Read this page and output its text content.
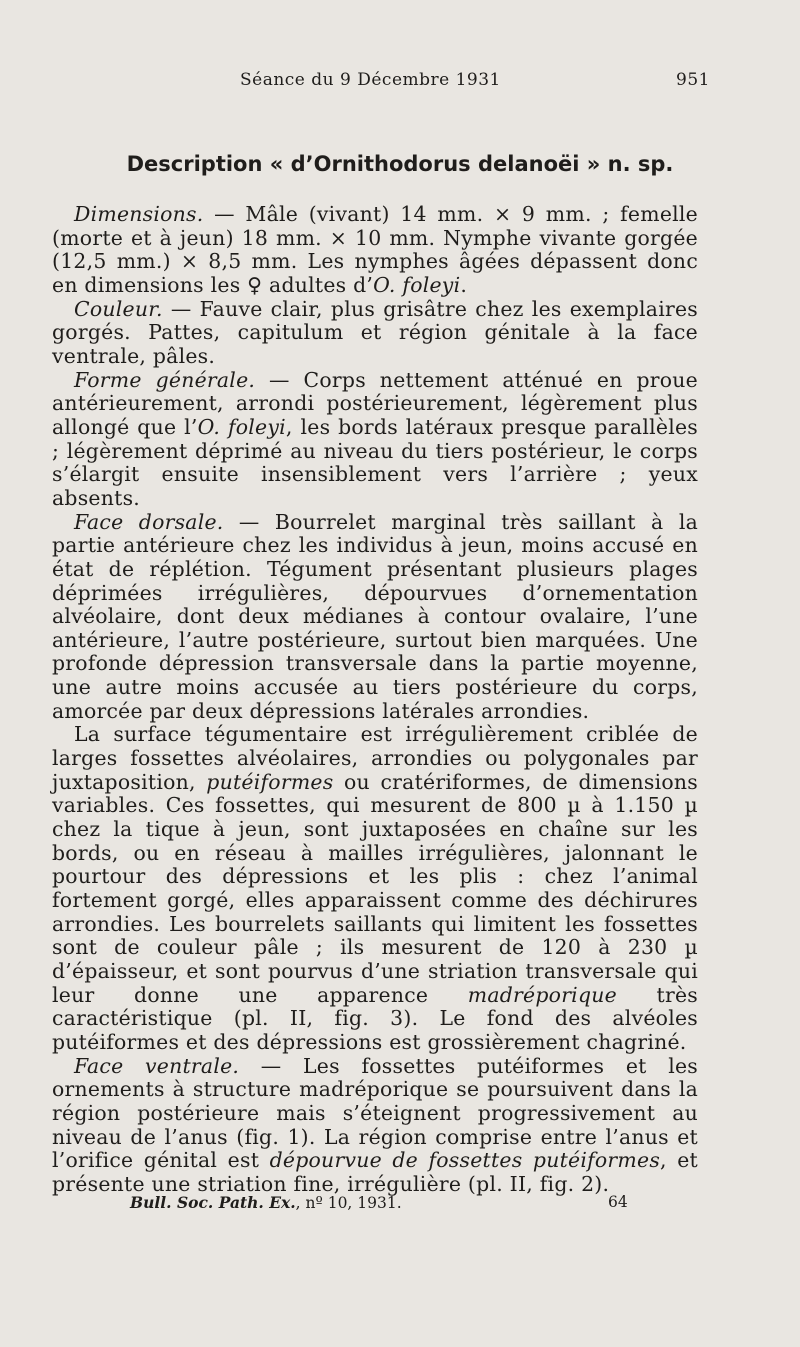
Séance du 9 Décembre 1931	951
Description « d’Ornithodorus delanoëi » n. sp.

Dimensions. — Mâle (vivant) 14 mm. × 9 mm. ; femelle (morte et à jeun) 18 mm. × 10 mm. Nymphe vivante gorgée (12,5 mm.) × 8,5 mm. Les nymphes âgées dépassent donc en dimensions les ♀ adultes d’O. foleyi.

Couleur. — Fauve clair, plus grisâtre chez les exemplaires gorgés. Pattes, capitulum et région génitale à la face ventrale, pâles.

Forme générale. — Corps nettement atténué en proue antérieurement, arrondi postérieurement, légèrement plus allongé que l’O. foleyi, les bords latéraux presque parallèles ; légèrement déprimé au niveau du tiers postérieur, le corps s’élargit ensuite insensiblement vers l’arrière ; yeux absents.

Face dorsale. — Bourrelet marginal très saillant à la partie antérieure chez les individus à jeun, moins accusé en état de réplétion. Tégument présentant plusieurs plages déprimées irrégulières, dépourvues d’ornementation alvéolaire, dont deux médianes à contour ovalaire, l’une antérieure, l’autre postérieure, surtout bien marquées. Une profonde dépression transversale dans la partie moyenne, une autre moins accusée au tiers postérieure du corps, amorcée par deux dépressions latérales arrondies.

La surface tégumentaire est irrégulièrement criblée de larges fossettes alvéolaires, arrondies ou polygonales par juxtaposition, putéiformes ou cratériformes, de dimensions variables. Ces fossettes, qui mesurent de 800 µ à 1.150 µ chez la tique à jeun, sont juxtaposées en chaîne sur les bords, ou en réseau à mailles irrégulières, jalonnant le pourtour des dépressions et les plis : chez l’animal fortement gorgé, elles apparaissent comme des déchirures arrondies. Les bourrelets saillants qui limitent les fossettes sont de couleur pâle ; ils mesurent de 120 à 230 µ d’épaisseur, et sont pourvus d’une striation transversale qui leur donne une apparence madréporique très caractéristique (pl. II, fig. 3). Le fond des alvéoles putéiformes et des dépressions est grossièrement chagriné.

Face ventrale. — Les fossettes putéiformes et les ornements à structure madréporique se poursuivent dans la région postérieure mais s’éteignent progressivement au niveau de l’anus (fig. 1). La région comprise entre l’anus et l’orifice génital est dépourvue de fossettes putéiformes, et présente une striation fine, irrégulière (pl. II, fig. 2).

Bull. Soc. Path. Ex., nº 10, 1931.	64
